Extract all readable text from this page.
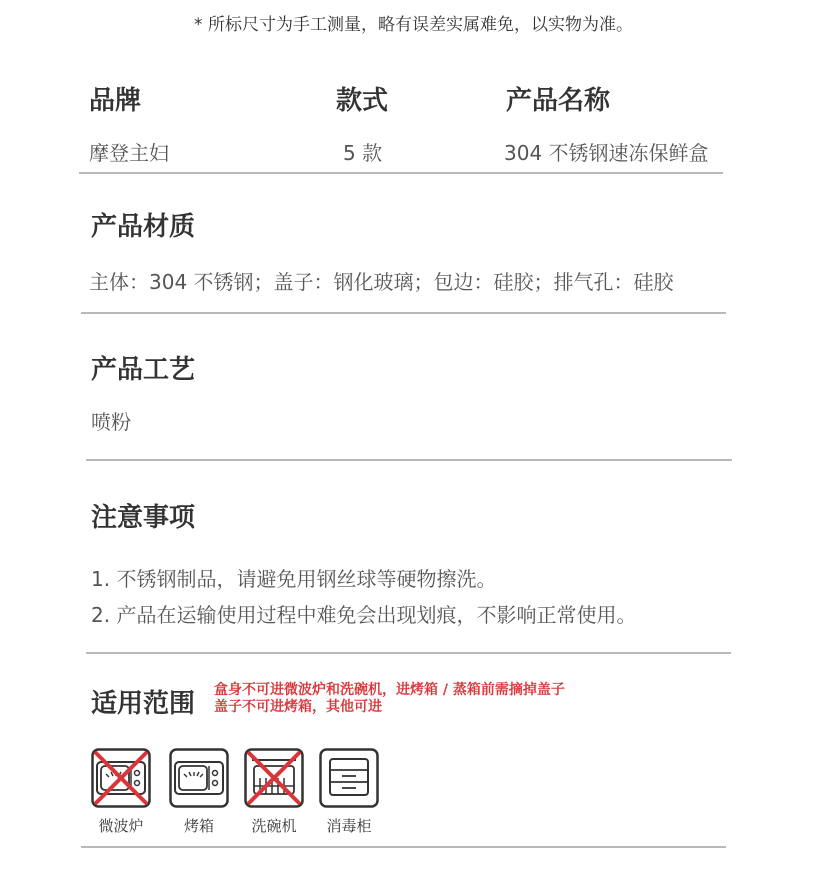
* 所标尺寸为手工测量，略有误差实属难免，以实物为准。
品牌	款式	产品名称
摩登主妇	5 款	304 不锈钢速冻保鲜盒
产品材质
主体：304 不锈钢；盖子：钢化玻璃；包边：硅胶；排气孔：硅胶
产品工艺
喷粉
注意事项
1. 不锈钢制品，请避免用钢丝球等硬物擦洗。
2. 产品在运输使用过程中难免会出现划痕，不影响正常使用。
适用范围 盒身不可进微波炉和洗碗机，进烤箱 / 蒸箱前需摘掉盖子
盖子不可进烤箱，其他可进
微波炉	烤箱	洗碗机	消毒柜
